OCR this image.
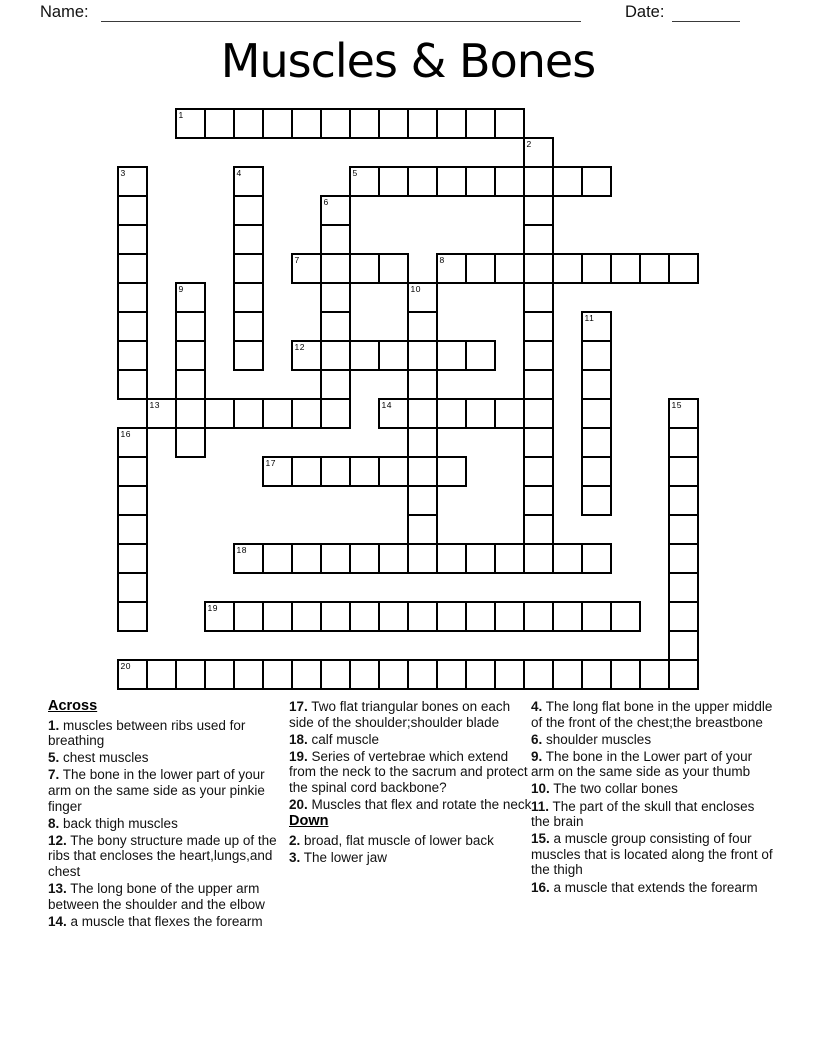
Name:	Date:
Muscles & Bones
1
2
3	4	5
6
7	8
9	10
11
12
13	14	15
16
17
18
19
20
Across
1. muscles between ribs used for breathing
5. chest muscles
7. The bone in the lower part of your arm on the same side as your pinkie finger
8. back thigh muscles
12. The bony structure made up of the ribs that encloses the heart,lungs,and chest
13. The long bone of the upper arm between the shoulder and the elbow
14. a muscle that flexes the forearm
17. Two flat triangular bones on each side of the shoulder;shoulder blade
18. calf muscle
19. Series of vertebrae which extend from the neck to the sacrum and protect the spinal cord backbone?
20. Muscles that flex and rotate the neck
Down
2. broad, flat muscle of lower back
3. The lower jaw
4. The long flat bone in the upper middle of the front of the chest;the breastbone
6. shoulder muscles
9. The bone in the Lower part of your arm on the same side as your thumb
10. The two collar bones
11. The part of the skull that encloses the brain
15. a muscle group consisting of four muscles that is located along the front of the thigh
16. a muscle that extends the forearm
